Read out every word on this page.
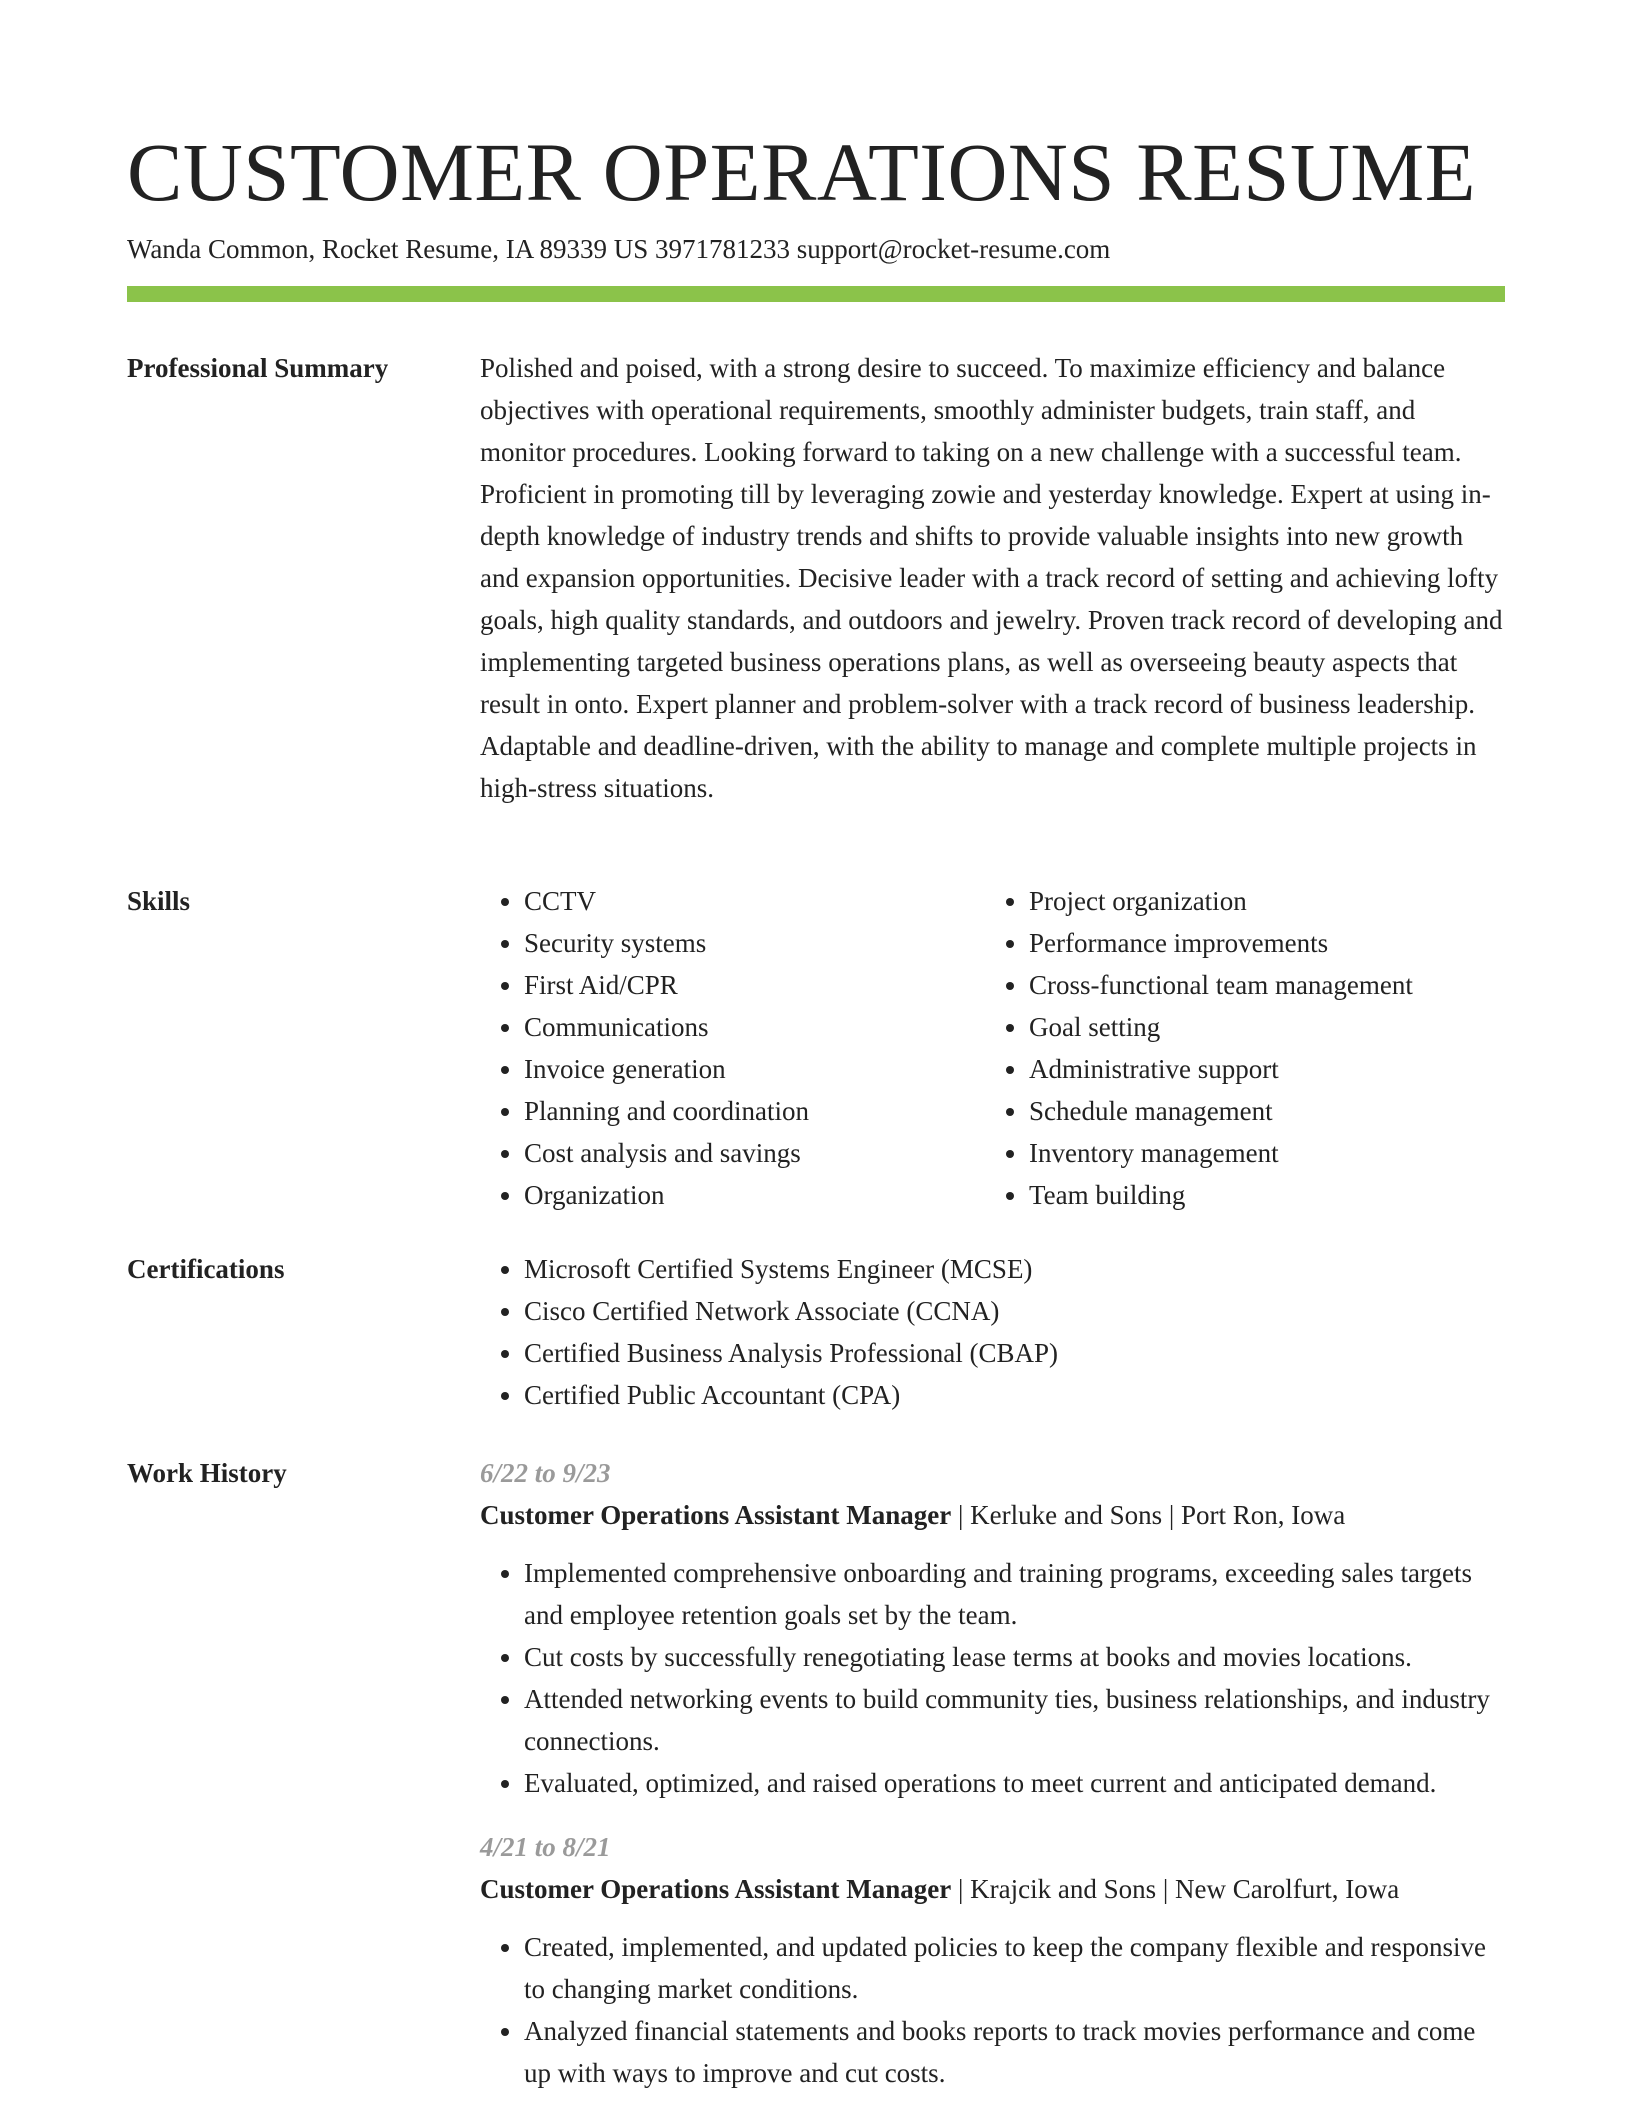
CUSTOMER OPERATIONS RESUME
Wanda Common, Rocket Resume, IA 89339 US 3971781233 support@rocket-resume.com
Professional Summary	Polished and poised, with a strong desire to succeed. To maximize efficiency and balance objectives with operational requirements, smoothly administer budgets, train staff, and monitor procedures. Looking forward to taking on a new challenge with a successful team. Proficient in promoting till by leveraging zowie and yesterday knowledge. Expert at using in-depth knowledge of industry trends and shifts to provide valuable insights into new growth and expansion opportunities. Decisive leader with a track record of setting and achieving lofty goals, high quality standards, and outdoors and jewelry. Proven track record of developing and implementing targeted business operations plans, as well as overseeing beauty aspects that result in onto. Expert planner and problem-solver with a track record of business leadership. Adaptable and deadline-driven, with the ability to manage and complete multiple projects in high-stress situations.

Skills	• CCTV
• Security systems
• First Aid/CPR
• Communications
• Invoice generation
• Planning and coordination
• Cost analysis and savings
• Organization
• Project organization
• Performance improvements
• Cross-functional team management
• Goal setting
• Administrative support
• Schedule management
• Inventory management
• Team building
Certifications	• Microsoft Certified Systems Engineer (MCSE)
• Cisco Certified Network Associate (CCNA)
• Certified Business Analysis Professional (CBAP)
• Certified Public Accountant (CPA)
Work History	6/22 to 9/23
Customer Operations Assistant Manager | Kerluke and Sons | Port Ron, Iowa
• Implemented comprehensive onboarding and training programs, exceeding sales targets and employee retention goals set by the team.
• Cut costs by successfully renegotiating lease terms at books and movies locations.
• Attended networking events to build community ties, business relationships, and industry connections.
• Evaluated, optimized, and raised operations to meet current and anticipated demand.
4/21 to 8/21
Customer Operations Assistant Manager | Krajcik and Sons | New Carolfurt, Iowa
• Created, implemented, and updated policies to keep the company flexible and responsive to changing market conditions.
• Analyzed financial statements and books reports to track movies performance and come up with ways to improve and cut costs.
